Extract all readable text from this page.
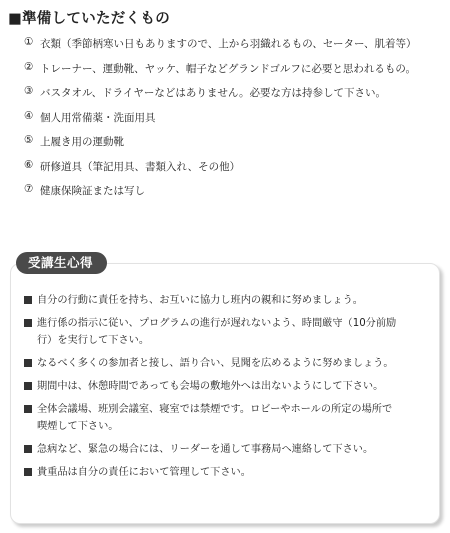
■準備していただくもの
① 衣類（季節柄寒い日もありますので、上から羽織れるもの、セーター、肌着等）
② トレーナー、運動靴、ヤッケ、帽子などグランドゴルフに必要と思われるもの。
③ バスタオル、ドライヤーなどはありません。必要な方は持参して下さい。
④ 個人用常備薬・洗面用具
⑤ 上履き用の運動靴
⑥ 研修道具（筆記用具、書類入れ、その他）
⑦ 健康保険証または写し
受講生心得
自分の行動に責任を持ち、お互いに協力し班内の親和に努めましょう。
進行係の指示に従い、プログラムの進行が遅れないよう、時間厳守（10分前励
行）を実行して下さい。
なるべく多くの参加者と接し、語り合い、見聞を広めるように努めましょう。
期間中は、休憩時間であっても会場の敷地外へは出ないようにして下さい。
全体会議場、班別会議室、寝室では禁煙です。ロビーやホールの所定の場所で
喫煙して下さい。
急病など、緊急の場合には、リーダーを通して事務局へ連絡して下さい。
貴重品は自分の責任において管理して下さい。
